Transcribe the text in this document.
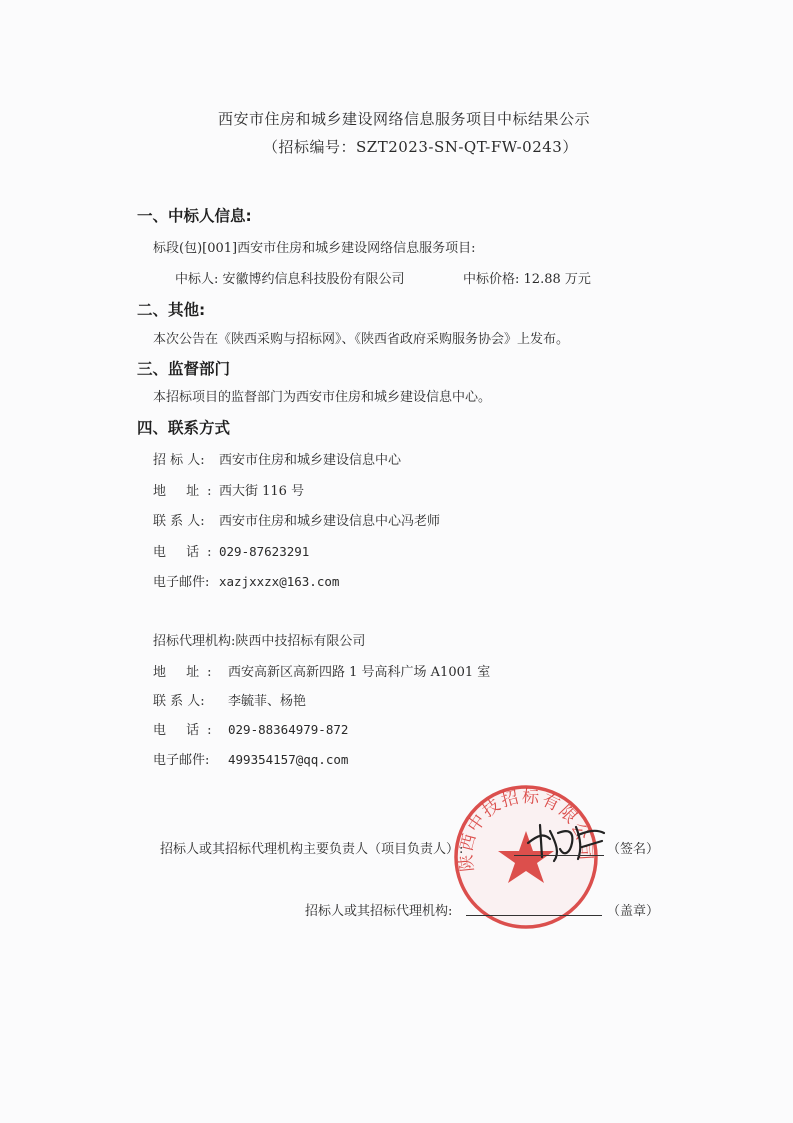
西安市住房和城乡建设网络信息服务项目中标结果公示
（招标编号：SZT2023-SN-QT-FW-0243）
一、中标人信息:
标段(包)[001]西安市住房和城乡建设网络信息服务项目:
中标人: 安徽博约信息科技股份有限公司	中标价格: 12.88 万元
二、其他:
本次公告在《陕西采购与招标网》、《陕西省政府采购服务协会》上发布。
三、监督部门
本招标项目的监督部门为西安市住房和城乡建设信息中心。
四、联系方式
招 标 人: 西安市住房和城乡建设信息中心
地 址:西大街 116 号
联 系 人: 西安市住房和城乡建设信息中心冯老师
电 话:029-87623291
电子邮件: xazjxxzx@163.com
招标代理机构:陕西中技招标有限公司
地 址: 西安高新区高新四路 1 号高科广场 A1001 室
联 系 人: 李毓菲、杨艳
电 话: 029-88364979-872
电子邮件: 499354157@qq.com
陕西中技招标有限公司
招标人或其招标代理机构主要负责人（项目负责人）:	（签名）
招标人或其招标代理机构:	（盖章）
